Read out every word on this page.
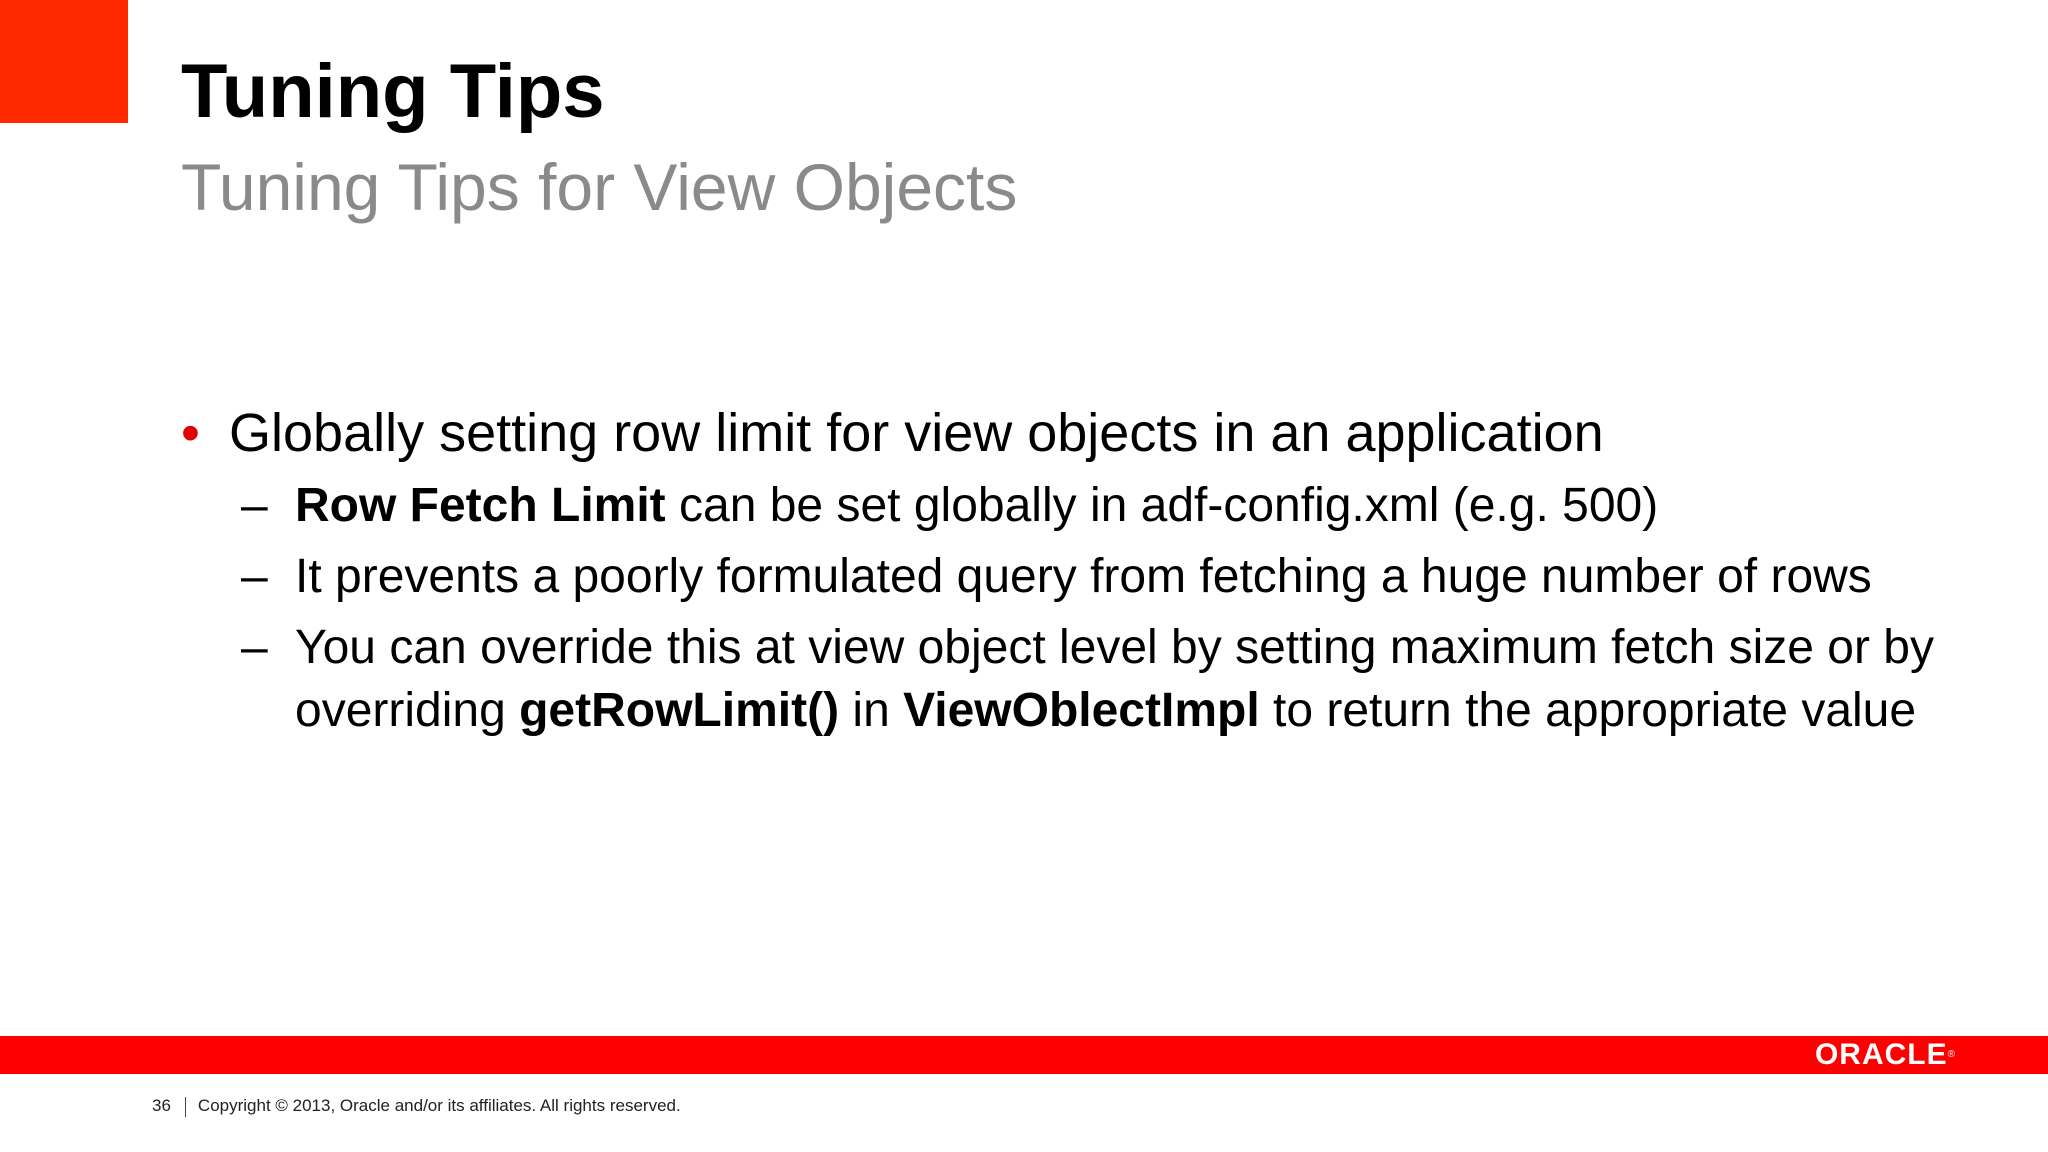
Tuning Tips
Tuning Tips for View Objects
• Globally setting row limit for view objects in an application
– Row Fetch Limit can be set globally in adf-config.xml (e.g. 500)
– It prevents a poorly formulated query from fetching a huge number of rows
– You can override this at view object level by setting maximum fetch size or by overriding getRowLimit() in ViewOblectImpl to return the appropriate value
ORACLE®
36 Copyright © 2013, Oracle and/or its affiliates. All rights reserved.
